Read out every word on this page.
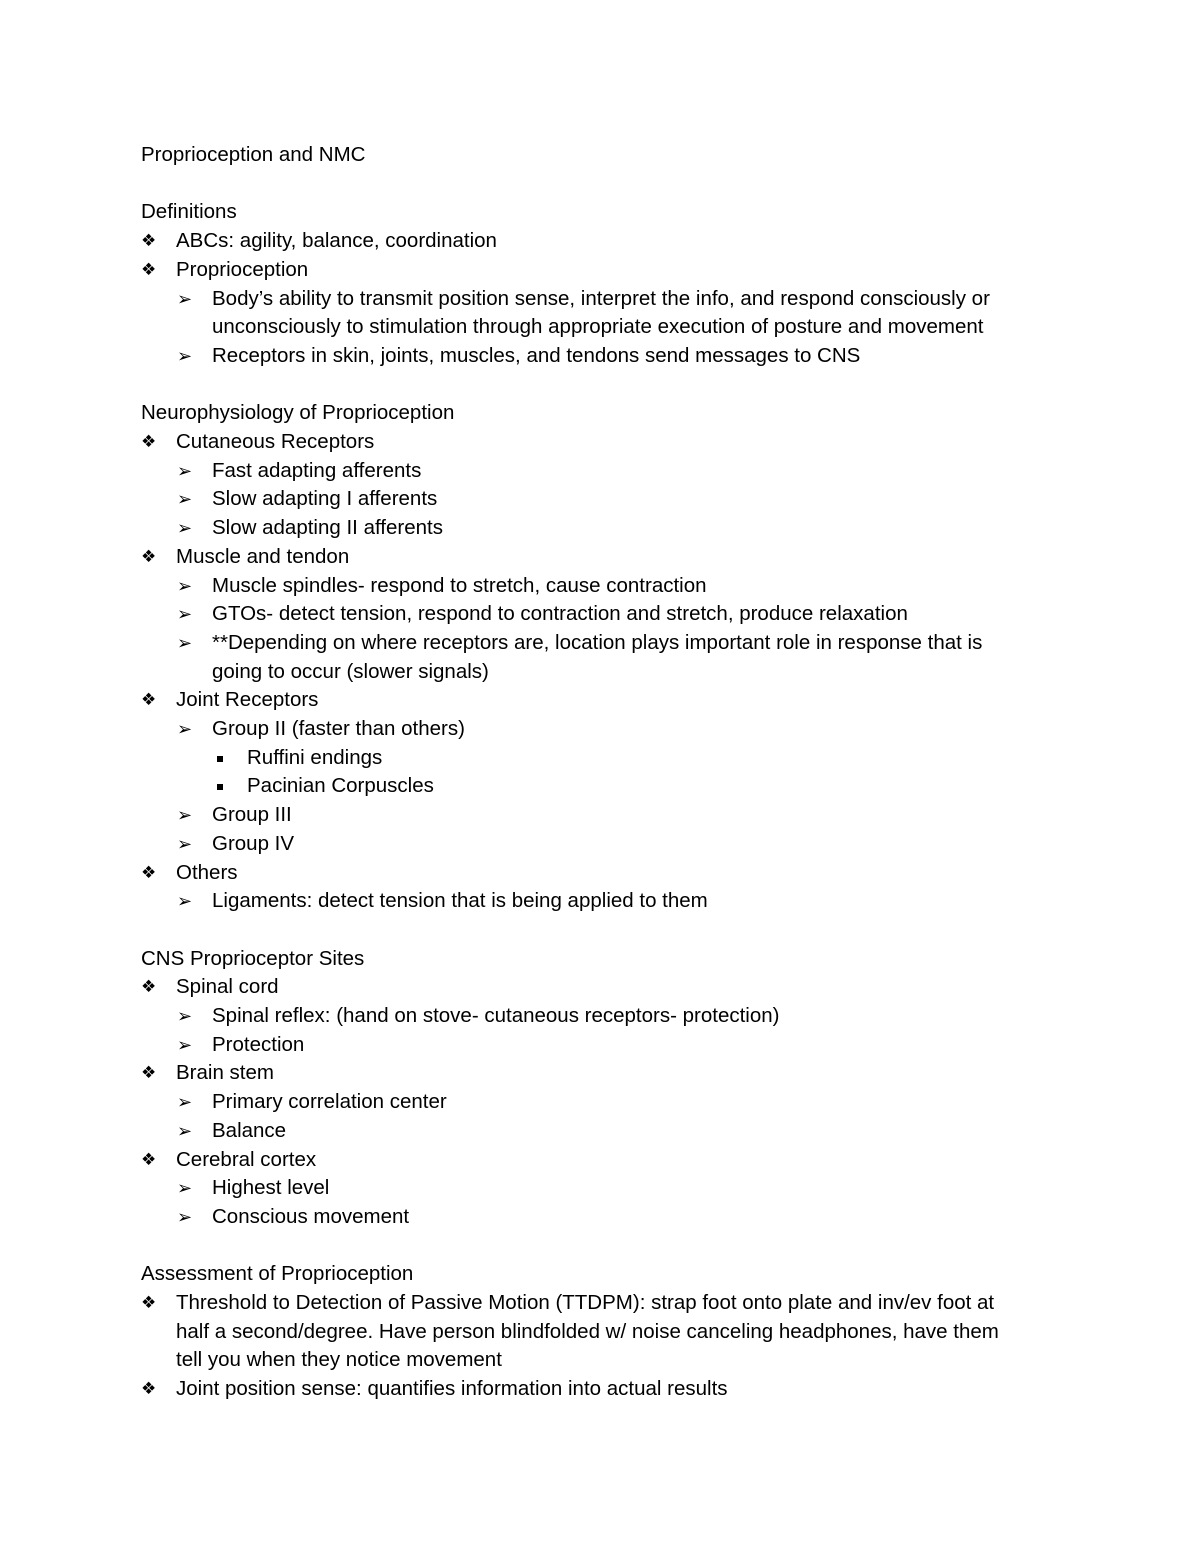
Proprioception and NMC
Definitions
❖ ABCs: agility, balance, coordination
❖ Proprioception
➢ Body’s ability to transmit position sense, interpret the info, and respond consciously or
unconsciously to stimulation through appropriate execution of posture and movement
➢ Receptors in skin, joints, muscles, and tendons send messages to CNS
Neurophysiology of Proprioception
❖ Cutaneous Receptors
➢ Fast adapting afferents
➢ Slow adapting I afferents
➢ Slow adapting II afferents
❖ Muscle and tendon
➢ Muscle spindles- respond to stretch, cause contraction
➢ GTOs- detect tension, respond to contraction and stretch, produce relaxation
➢ **Depending on where receptors are, location plays important role in response that is
going to occur (slower signals)
❖ Joint Receptors
➢ Group II (faster than others)
Ruffini endings
Pacinian Corpuscles
➢ Group III
➢ Group IV
❖ Others
➢ Ligaments: detect tension that is being applied to them
CNS Proprioceptor Sites
❖ Spinal cord
➢ Spinal reflex: (hand on stove- cutaneous receptors- protection)
➢ Protection
❖ Brain stem
➢ Primary correlation center
➢ Balance
❖ Cerebral cortex
➢ Highest level
➢ Conscious movement
Assessment of Proprioception
❖ Threshold to Detection of Passive Motion (TTDPM): strap foot onto plate and inv/ev foot at
half a second/degree. Have person blindfolded w/ noise canceling headphones, have them
tell you when they notice movement
❖ Joint position sense: quantifies information into actual results
